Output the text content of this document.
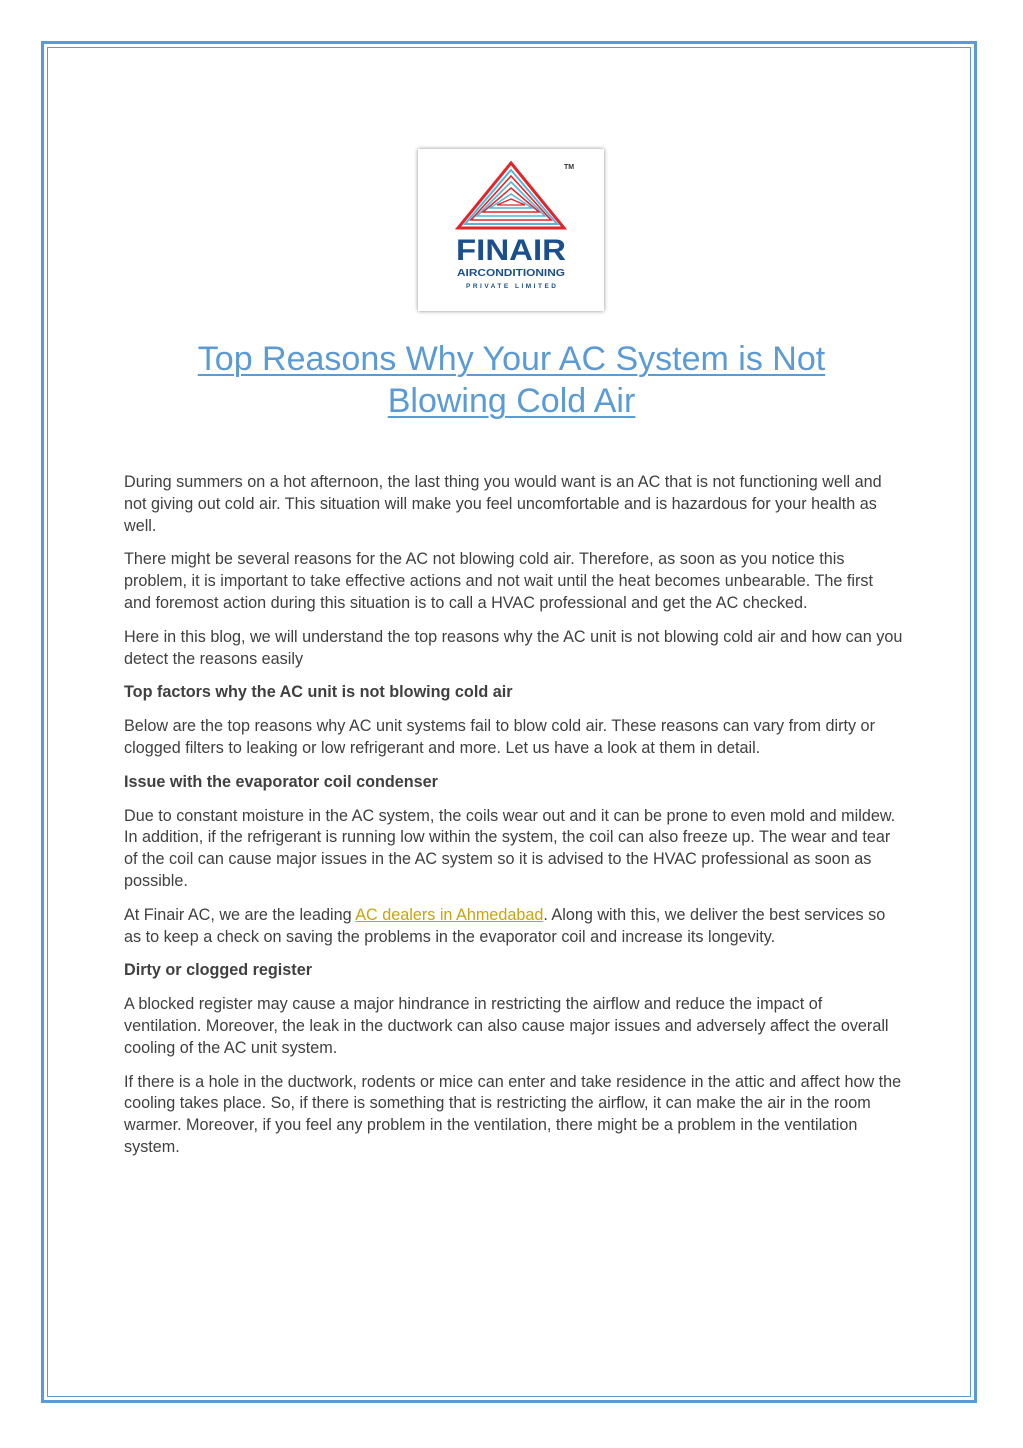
TM
FINAIR
AIRCONDITIONING
PRIVATE LIMITED
Top Reasons Why Your AC System is Not
Blowing Cold Air

During summers on a hot afternoon, the last thing you would want is an AC that is not functioning well and not giving out cold air. This situation will make you feel uncomfortable and is hazardous for your health as well.

There might be several reasons for the AC not blowing cold air. Therefore, as soon as you notice this problem, it is important to take effective actions and not wait until the heat becomes unbearable. The first and foremost action during this situation is to call a HVAC professional and get the AC checked.

Here in this blog, we will understand the top reasons why the AC unit is not blowing cold air and how can you detect the reasons easily

Top factors why the AC unit is not blowing cold air

Below are the top reasons why AC unit systems fail to blow cold air. These reasons can vary from dirty or clogged filters to leaking or low refrigerant and more. Let us have a look at them in detail.

Issue with the evaporator coil condenser

Due to constant moisture in the AC system, the coils wear out and it can be prone to even mold and mildew. In addition, if the refrigerant is running low within the system, the coil can also freeze up. The wear and tear of the coil can cause major issues in the AC system so it is advised to the HVAC professional as soon as possible.

At Finair AC, we are the leading AC dealers in Ahmedabad. Along with this, we deliver the best services so as to keep a check on saving the problems in the evaporator coil and increase its longevity.

Dirty or clogged register

A blocked register may cause a major hindrance in restricting the airflow and reduce the impact of ventilation. Moreover, the leak in the ductwork can also cause major issues and adversely affect the overall cooling of the AC unit system.

If there is a hole in the ductwork, rodents or mice can enter and take residence in the attic and affect how the cooling takes place. So, if there is something that is restricting the airflow, it can make the air in the room warmer. Moreover, if you feel any problem in the ventilation, there might be a problem in the ventilation system.
